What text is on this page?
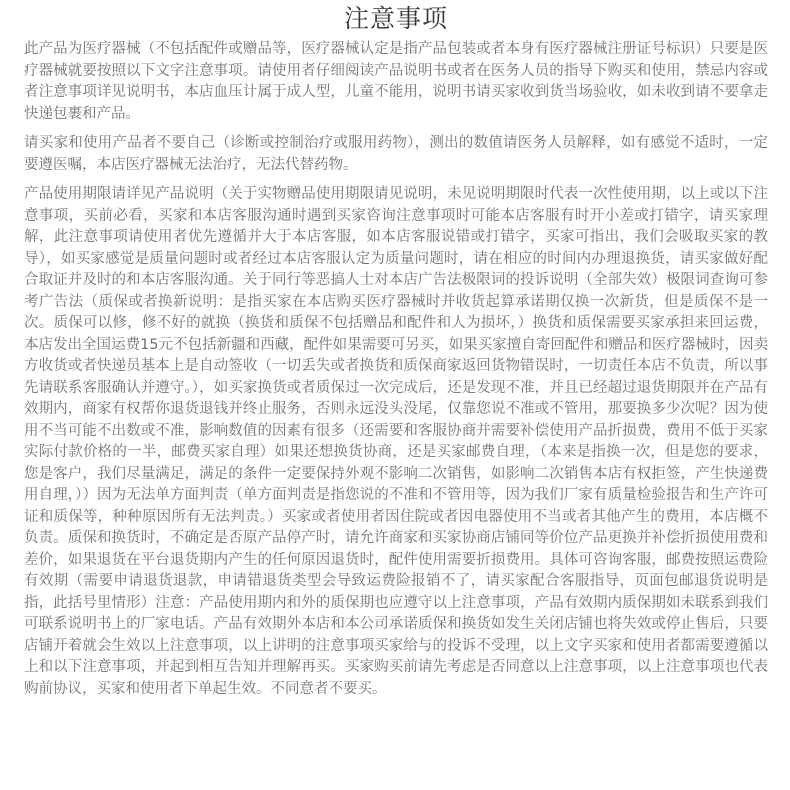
注意事项

此产品为医疗器械（不包括配件或赠品等，医疗器械认定是指产品包装或者本身有医疗器械注册证号标识）只要是医疗器械就要按照以下文字注意事项。请使用者仔细阅读产品说明书或者在医务人员的指导下购买和使用，禁忌内容或者注意事项详见说明书，本店血压计属于成人型，儿童不能用，说明书请买家收到货当场验收，如未收到请不要拿走快递包裹和产品。

请买家和使用产品者不要自己（诊断或控制治疗或服用药物），测出的数值请医务人员解释，如有感觉不适时，一定要遵医嘱，本店医疗器械无法治疗，无法代替药物。

产品使用期限请详见产品说明（关于实物赠品使用期限请见说明，未见说明期限时代表一次性使用期，以上或以下注意事项，买前必看，买家和本店客服沟通时遇到买家咨询注意事项时可能本店客服有时开小差或打错字，请买家理解，此注意事项请使用者优先遵循并大于本店客服，如本店客服说错或打错字，买家可指出，我们会吸取买家的教导），如买家感觉是质量问题时或者经过本店客服认定为质量问题时，请在相应的时间内办理退换货，请买家做好配合取证并及时的和本店客服沟通。关于同行等恶搞人士对本店广告法极限词的投诉说明（全部失效）极限词查询可参考广告法（质保或者换新说明：是指买家在本店购买医疗器械时并收货起算承诺期仅换一次新货，但是质保不是一次。质保可以修，修不好的就换（换货和质保不包括赠品和配件和人为损坏，）换货和质保需要买家承担来回运费，本店发出全国运费15元不包括新疆和西藏，配件如果需要可另买，如果买家擅自寄回配件和赠品和医疗器械时，因卖方收货或者快递员基本上是自动签收（一切丢失或者换货和质保商家返回货物错误时，一切责任本店不负责，所以事先请联系客服确认并遵守。），如买家换货或者质保过一次完成后，还是发现不准，并且已经超过退货期限并在产品有效期内，商家有权帮你退货退钱并终止服务，否则永远没头没尾，仅靠您说不准或不管用，那要换多少次呢？因为使用不当可能不出数或不准，影响数值的因素有很多（还需要和客服协商并需要补偿使用产品折损费，费用不低于买家实际付款价格的一半，邮费买家自理）如果还想换货协商，还是买家邮费自理，（本来是指换一次，但是您的要求，您是客户，我们尽量满足，满足的条件一定要保持外观不影响二次销售，如影响二次销售本店有权拒签，产生快递费用自理，））因为无法单方面判责（单方面判责是指您说的不准和不管用等，因为我们厂家有质量检验报告和生产许可证和质保等，种种原因所有无法判责。）买家或者使用者因住院或者因电器使用不当或者其他产生的费用，本店概不负责。质保和换货时，不确定是否原产品停产时，请允许商家和买家协商店铺同等价位产品更换并补偿折损使用费和差价，如果退货在平台退货期内产生的任何原因退货时，配件使用需要折损费用。具体可咨询客服，邮费按照运费险有效期（需要申请退货退款，申请错退货类型会导致运费险报销不了，请买家配合客服指导，页面包邮退货说明是指，此括号里情形）注意：产品使用期内和外的质保期也应遵守以上注意事项，产品有效期内质保期如未联系到我们可联系说明书上的厂家电话。产品有效期外本店和本公司承诺质保和换货如发生关闭店铺也将失效或停止售后，只要店铺开着就会生效以上注意事项，以上讲明的注意事项买家给与的投诉不受理，以上文字买家和使用者都需要遵循以上和以下注意事项，并起到相互告知并理解再买。买家购买前请先考虑是否同意以上注意事项，以上注意事项也代表购前协议，买家和使用者下单起生效。不同意者不要买。
